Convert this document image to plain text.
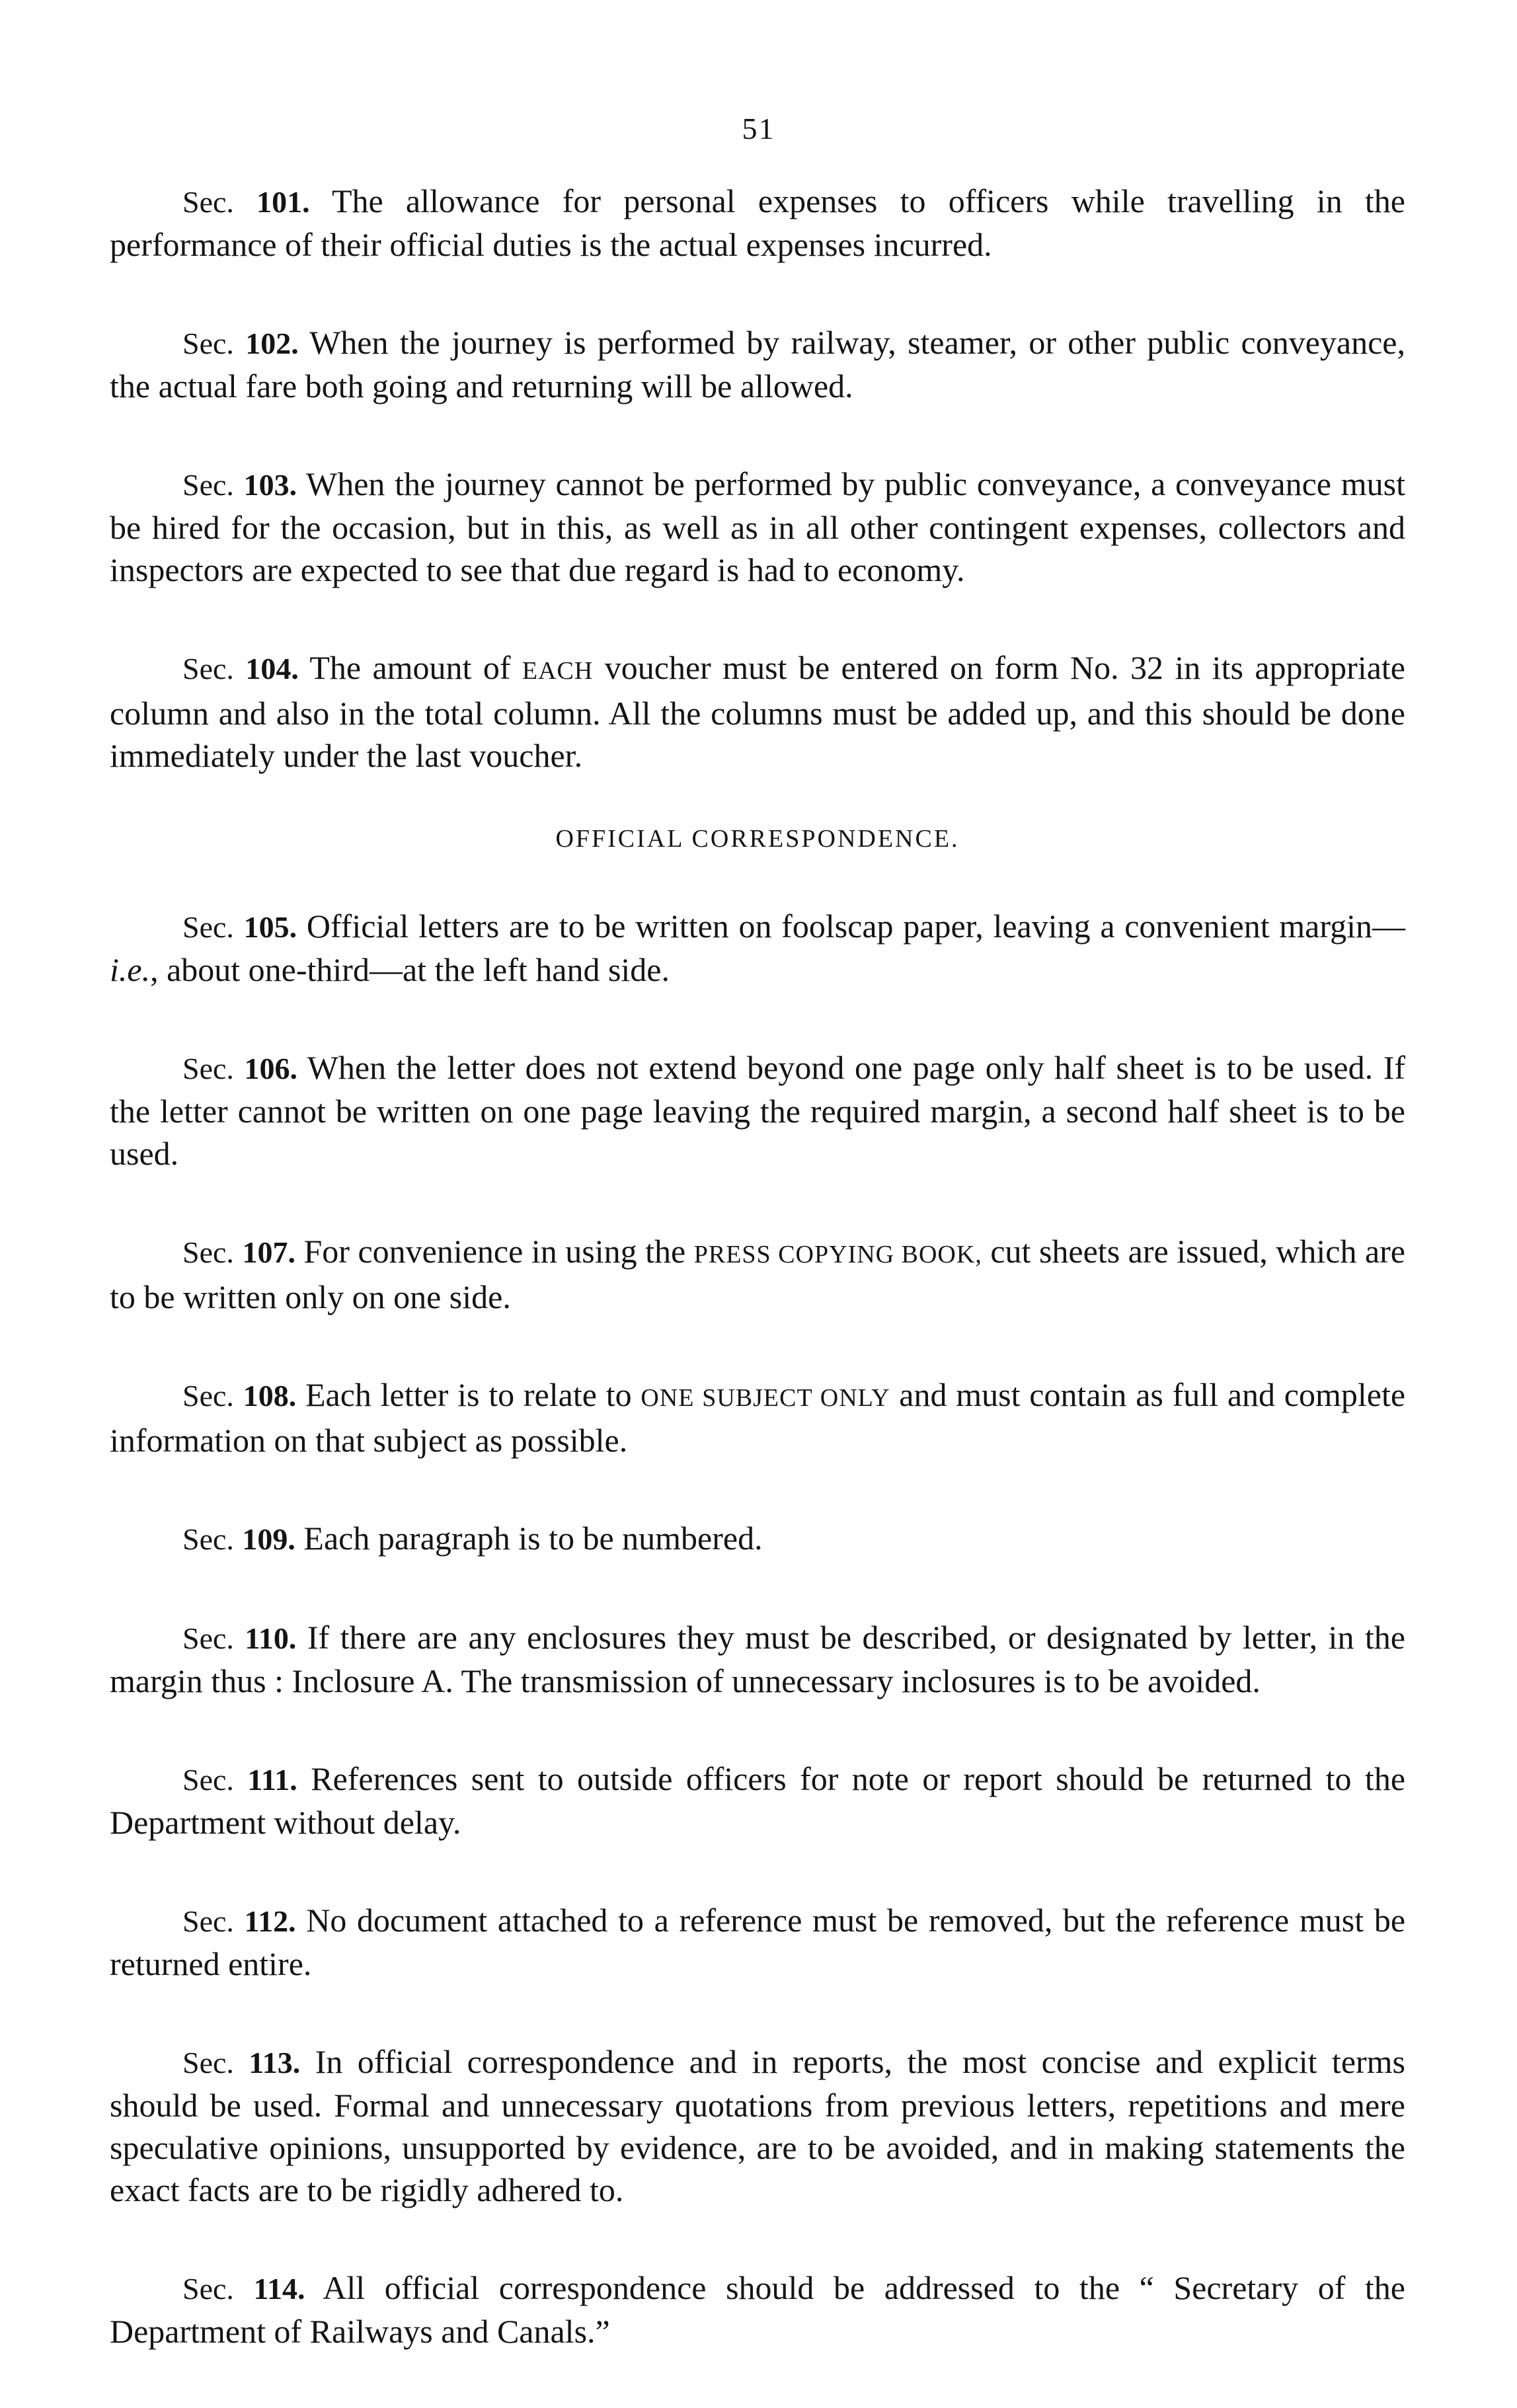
51

Sec. 101. The allowance for personal expenses to officers while travelling in the performance of their official duties is the actual expenses incurred.

Sec. 102. When the journey is performed by railway, steamer, or other public conveyance, the actual fare both going and returning will be allowed.

Sec. 103. When the journey cannot be performed by public conveyance, a conveyance must be hired for the occasion, but in this, as well as in all other contingent expenses, collectors and inspectors are expected to see that due regard is had to economy.

Sec. 104. The amount of EACH voucher must be entered on form No. 32 in its appropriate column and also in the total column. All the columns must be added up, and this should be done immediately under the last voucher.

OFFICIAL CORRESPONDENCE.

Sec. 105. Official letters are to be written on foolscap paper, leaving a convenient margin—i.e., about one-third—at the left hand side.

Sec. 106. When the letter does not extend beyond one page only half sheet is to be used. If the letter cannot be written on one page leaving the required margin, a second half sheet is to be used.

Sec. 107. For convenience in using the PRESS COPYING BOOK, cut sheets are issued, which are to be written only on one side.

Sec. 108. Each letter is to relate to ONE SUBJECT ONLY and must contain as full and complete information on that subject as possible.

Sec. 109. Each paragraph is to be numbered.

Sec. 110. If there are any enclosures they must be described, or designated by letter, in the margin thus : Inclosure A. The transmission of unnecessary inclosures is to be avoided.

Sec. 111. References sent to outside officers for note or report should be returned to the Department without delay.

Sec. 112. No document attached to a reference must be removed, but the reference must be returned entire.

Sec. 113. In official correspondence and in reports, the most concise and explicit terms should be used. Formal and unnecessary quotations from previous letters, repetitions and mere speculative opinions, unsupported by evidence, are to be avoided, and in making statements the exact facts are to be rigidly adhered to.

Sec. 114. All official correspondence should be addressed to the “ Secretary of the Department of Railways and Canals.”
